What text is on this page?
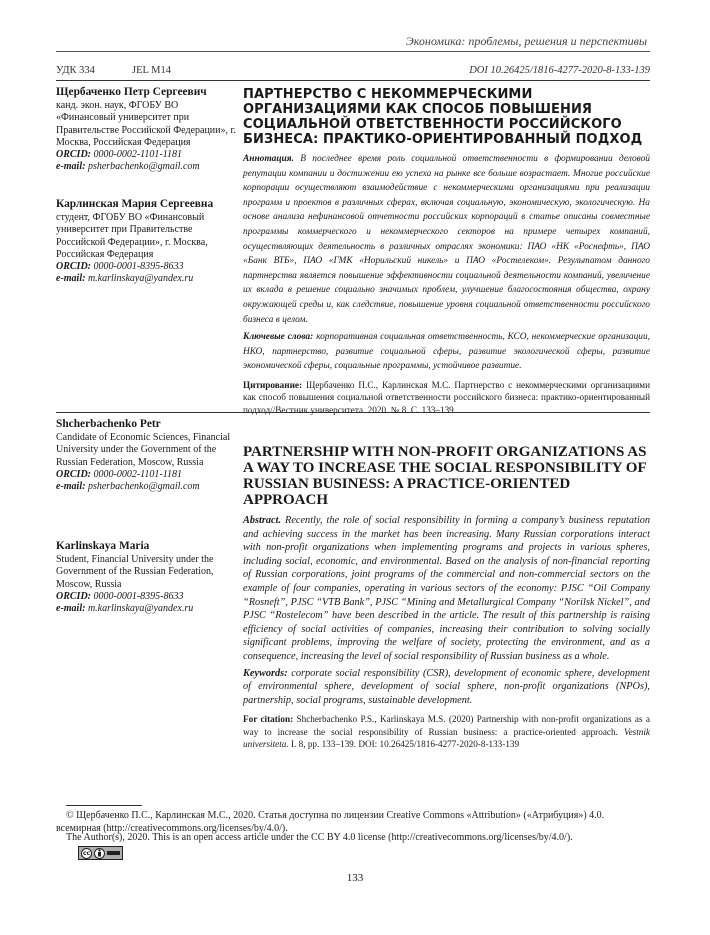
Экономика: проблемы, решения и перспективы
УДК 334	JEL M14	DOI 10.26425/1816-4277-2020-8-133-139
Щербаченко Петр Сергеевич
канд. экон. наук, ФГОБУ ВО «Финансовый университет при Правительстве Российской Федерации», г. Москва, Российская Федерация
ORCID: 0000-0002-1101-1181
e-mail: psherbachenko@gmail.com
Карлинская Мария Сергеевна
студент, ФГОБУ ВО «Финансовый университет при Правительстве Российской Федерации», г. Москва, Российская Федерация
ORCID: 0000-0001-8395-8633
e-mail: m.karlinskaya@yandex.ru
ПАРТНЕРСТВО С НЕКОММЕРЧЕСКИМИ ОРГАНИЗАЦИЯМИ КАК СПОСОБ ПОВЫШЕНИЯ СОЦИАЛЬНОЙ ОТВЕТСТВЕННОСТИ РОССИЙСКОГО БИЗНЕСА: ПРАКТИКО-ОРИЕНТИРОВАННЫЙ ПОДХОД

Аннотация. В последнее время роль социальной ответственности в формировании деловой репутации компании и достижении ею успеха на рынке все больше возрастает. Многие российские корпорации осуществляют взаимодействие с некоммерческими организациями при реализации программ и проектов в различных сферах, включая социальную, экономическую, экологическую. На основе анализа нефинансовой отчетности российских корпораций в статье описаны совместные программы коммерческого и некоммерческого секторов на примере четырех компаний, осуществляющих деятельность в различных отраслях экономики: ПАО «НК «Роснефть», ПАО «Банк ВТБ», ПАО «ГМК «Норильский никель» и ПАО «Ростелеком». Результатом данного партнерства является повышение эффективности социальной деятельности компаний, увеличение их вклада в решение социально значимых проблем, улучшение благосостояния общества, охрану окружающей среды и, как следствие, повышение уровня социальной ответственности российского бизнеса в целом.

Ключевые слова: корпоративная социальная ответственность, КСО, некоммерческие организации, НКО, партнерство, развитие социальной сферы, развитие экологической сферы, развитие экономической сферы, социальные программы, устойчивое развитие.

Цитирование: Щербаченко П.С., Карлинская М.С. Партнерство с некоммерческими организациями как способ повышения социальной ответственности российского бизнеса: практико-ориентированный подход//Вестник университета. 2020. № 8. С. 133–139.

Shcherbachenko Petr
Candidate of Economic Sciences, Financial University under the Government of the Russian Federation, Moscow, Russia
ORCID: 0000-0002-1101-1181
e-mail: psherbachenko@gmail.com
Karlinskaya Maria
Student, Financial University under the Government of the Russian Federation, Moscow, Russia
ORCID: 0000-0001-8395-8633
e-mail: m.karlinskaya@yandex.ru
PARTNERSHIP WITH NON-PROFIT ORGANIZATIONS AS A WAY TO INCREASE THE SOCIAL RESPONSIBILITY OF RUSSIAN BUSINESS: A PRACTICE-ORIENTED APPROACH

Abstract. Recently, the role of social responsibility in forming a company’s business reputation and achieving success in the market has been increasing. Many Russian corporations interact with non-profit organizations when implementing programs and projects in various spheres, including social, economic, and environmental. Based on the analysis of non-financial reporting of Russian corporations, joint programs of the commercial and non-commercial sectors on the example of four companies, operating in various sectors of the economy: PJSC “Oil Company “Rosneft”, PJSC “VTB Bank”, PJSC “Mining and Metallurgical Company “Norilsk Nickel”, and PJSC “Rostelecom” have been described in the article. The result of this partnership is raising efficiency of social activities of companies, increasing their contribution to solving socially significant problems, improving the welfare of society, protecting the environment, and as a consequence, increasing the level of social responsibility of Russian business as a whole.

Keywords: corporate social responsibility (CSR), development of economic sphere, development of environmental sphere, development of social sphere, non-profit organizations (NPOs), partnership, social programs, sustainable development.

For citation: Shcherbachenko P.S., Karlinskaya M.S. (2020) Partnership with non-profit organizations as a way to increase the social responsibility of Russian business: a practice-oriented approach. Vestnik universiteta. I. 8, pp. 133–139. DOI: 10.26425/1816-4277-2020-8-133-139

© Щербаченко П.С., Карлинская М.С., 2020. Статья доступна по лицензии Creative Commons «Attribution» («Атрибуция») 4.0. всемирная (http://creativecommons.org/licenses/by/4.0/).
The Author(s), 2020. This is an open access article under the CC BY 4.0 license (http://creativecommons.org/licenses/by/4.0/).
cc
133
